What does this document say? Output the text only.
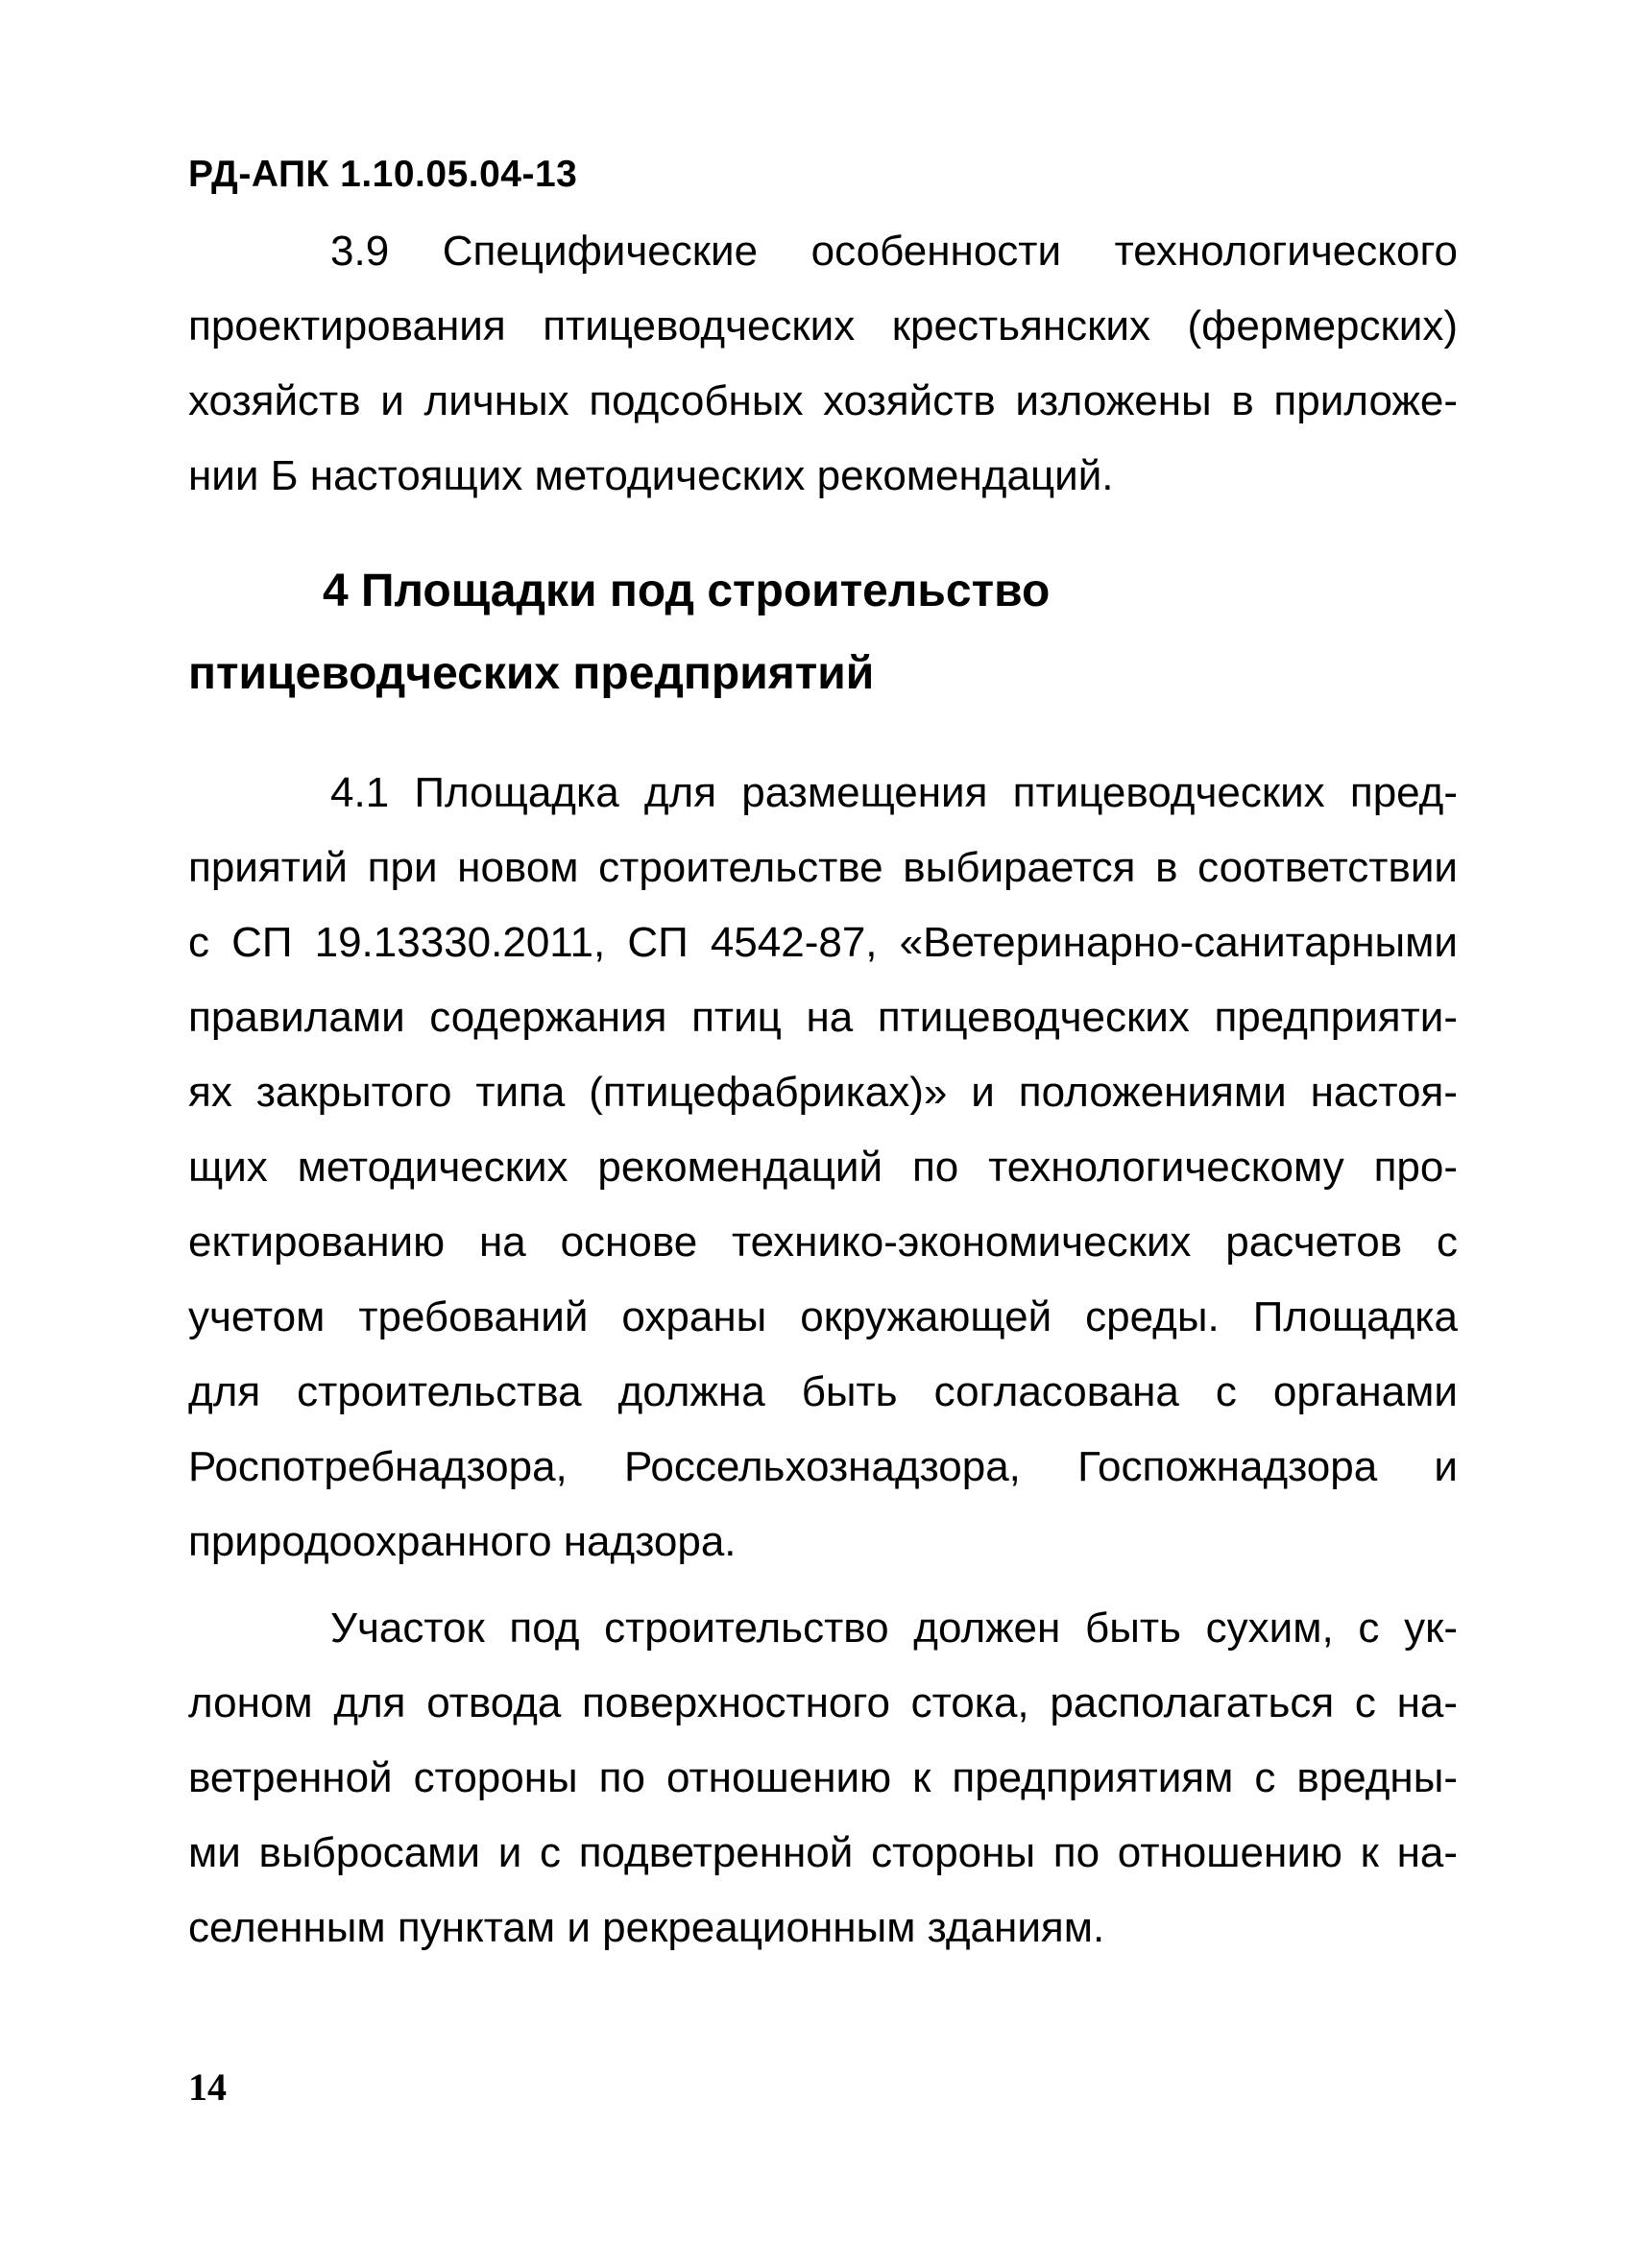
РД-АПК 1.10.05.04-13
3.9 Специфические особенности технологического
проектирования птицеводческих крестьянских (фермерских)
хозяйств и личных подсобных хозяйств изложены в приложе-
нии Б настоящих методических рекомендаций.
4 Площадки под строительство
птицеводческих предприятий
4.1 Площадка для размещения птицеводческих пред-
приятий при новом строительстве выбирается в соответствии
с СП 19.13330.2011, СП 4542-87, «Ветеринарно-санитарными
правилами содержания птиц на птицеводческих предприяти-
ях закрытого типа (птицефабриках)» и положениями настоя-
щих методических рекомендаций по технологическому про-
ектированию на основе технико-экономических расчетов с
учетом требований охраны окружающей среды. Площадка
для строительства должна быть согласована с органами
Роспотребнадзора, Россельхознадзора, Госпожнадзора и
природоохранного надзора.
Участок под строительство должен быть сухим, с ук-
лоном для отвода поверхностного стока, располагаться с на-
ветренной стороны по отношению к предприятиям с вредны-
ми выбросами и с подветренной стороны по отношению к на-
селенным пунктам и рекреационным зданиям.
14
